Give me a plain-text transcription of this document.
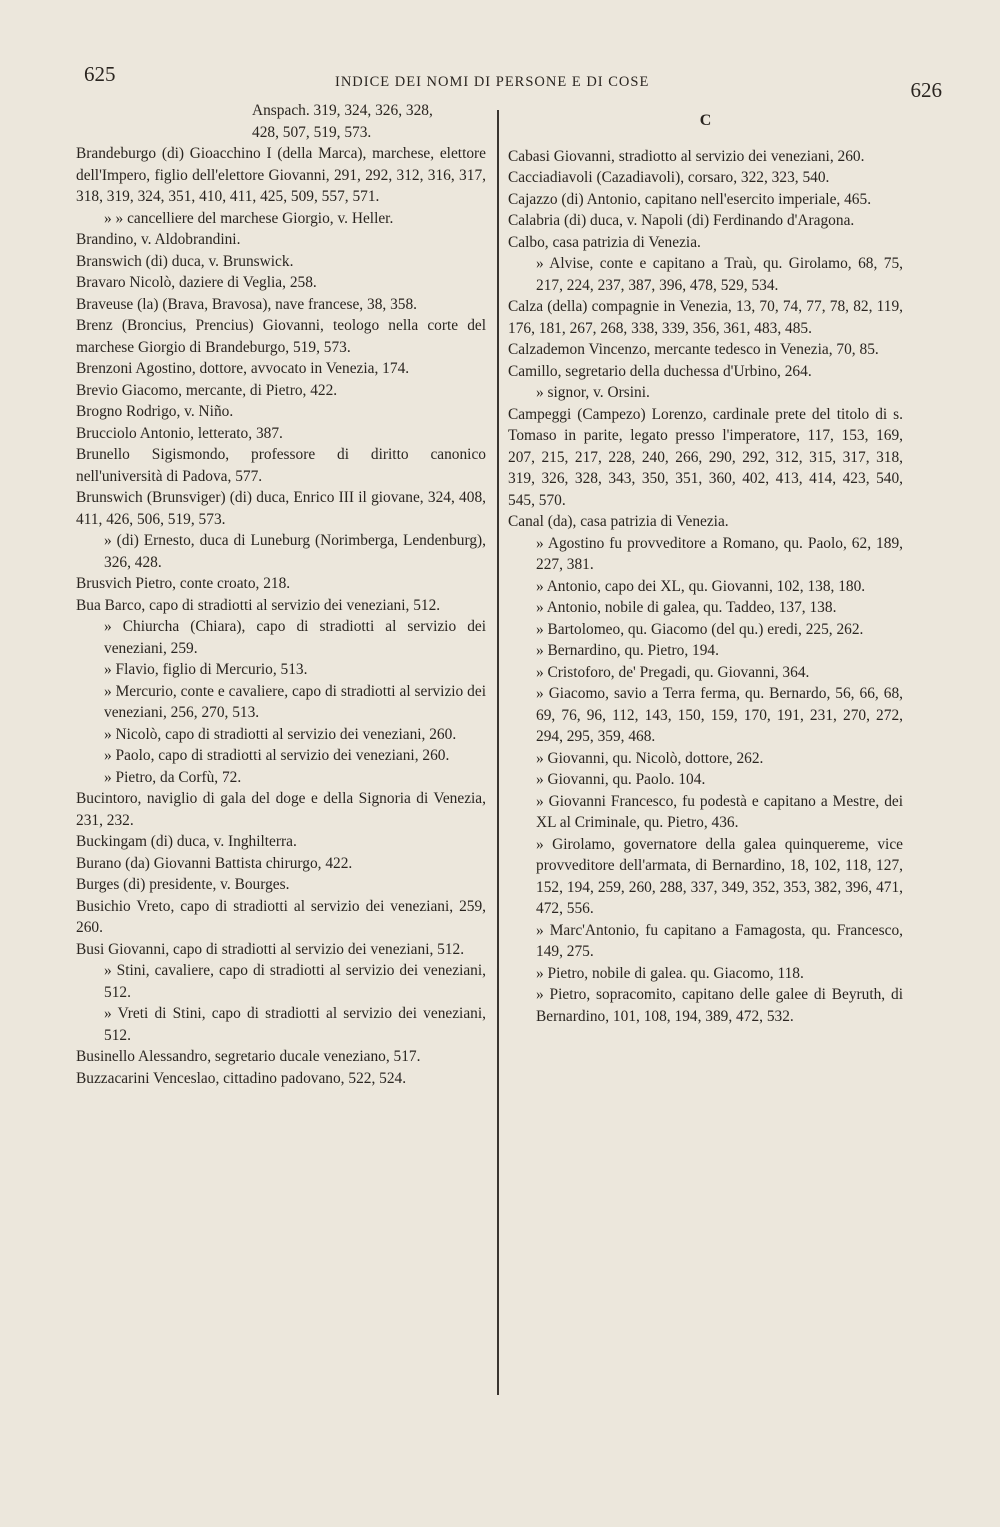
625	INDICE DEI NOMI DI PERSONE E DI COSE	626
Anspach. 319, 324, 326, 328,
428, 507, 519, 573.
Brandeburgo (di) Gioacchino I (della Marca), marchese, elettore dell'Impero, figlio dell'elettore Giovanni, 291, 292, 312, 316, 317, 318, 319, 324, 351, 410, 411, 425, 509, 557, 571.
» » cancelliere del marchese Giorgio, v. Heller.
Brandino, v. Aldobrandini.
Branswich (di) duca, v. Brunswick.
Bravaro Nicolò, daziere di Veglia, 258.
Braveuse (la) (Brava, Bravosa), nave francese, 38, 358.
Brenz (Broncius, Prencius) Giovanni, teologo nella corte del marchese Giorgio di Brandeburgo, 519, 573.
Brenzoni Agostino, dottore, avvocato in Venezia, 174.
Brevio Giacomo, mercante, di Pietro, 422.
Brogno Rodrigo, v. Niño.
Brucciolo Antonio, letterato, 387.
Brunello Sigismondo, professore di diritto canonico nell'università di Padova, 577.
Brunswich (Brunsviger) (di) duca, Enrico III il giovane, 324, 408, 411, 426, 506, 519, 573.
» (di) Ernesto, duca di Luneburg (Norimberga, Lendenburg), 326, 428.
Brusvich Pietro, conte croato, 218.
Bua Barco, capo di stradiotti al servizio dei veneziani, 512.
» Chiurcha (Chiara), capo di stradiotti al servizio dei veneziani, 259.
» Flavio, figlio di Mercurio, 513.
» Mercurio, conte e cavaliere, capo di stradiotti al servizio dei veneziani, 256, 270, 513.
» Nicolò, capo di stradiotti al servizio dei veneziani, 260.
» Paolo, capo di stradiotti al servizio dei veneziani, 260.
» Pietro, da Corfù, 72.
Bucintoro, naviglio di gala del doge e della Signoria di Venezia, 231, 232.
Buckingam (di) duca, v. Inghilterra.
Burano (da) Giovanni Battista chirurgo, 422.
Burges (di) presidente, v. Bourges.
Busichio Vreto, capo di stradiotti al servizio dei veneziani, 259, 260.
Busi Giovanni, capo di stradiotti al servizio dei veneziani, 512.
» Stini, cavaliere, capo di stradiotti al servizio dei veneziani, 512.
» Vreti di Stini, capo di stradiotti al servizio dei veneziani, 512.
Businello Alessandro, segretario ducale veneziano, 517.
Buzzacarini Venceslao, cittadino padovano, 522, 524.
C
Cabasi Giovanni, stradiotto al servizio dei veneziani, 260.
Cacciadiavoli (Cazadiavoli), corsaro, 322, 323, 540.
Cajazzo (di) Antonio, capitano nell'esercito imperiale, 465.
Calabria (di) duca, v. Napoli (di) Ferdinando d'Aragona.
Calbo, casa patrizia di Venezia.
» Alvise, conte e capitano a Traù, qu. Girolamo, 68, 75, 217, 224, 237, 387, 396, 478, 529, 534.
Calza (della) compagnie in Venezia, 13, 70, 74, 77, 78, 82, 119, 176, 181, 267, 268, 338, 339, 356, 361, 483, 485.
Calzademon Vincenzo, mercante tedesco in Venezia, 70, 85.
Camillo, segretario della duchessa d'Urbino, 264.
» signor, v. Orsini.
Campeggi (Campezo) Lorenzo, cardinale prete del titolo di s. Tomaso in parite, legato presso l'imperatore, 117, 153, 169, 207, 215, 217, 228, 240, 266, 290, 292, 312, 315, 317, 318, 319, 326, 328, 343, 350, 351, 360, 402, 413, 414, 423, 540, 545, 570.
Canal (da), casa patrizia di Venezia.
» Agostino fu provveditore a Romano, qu. Paolo, 62, 189, 227, 381.
» Antonio, capo dei XL, qu. Giovanni, 102, 138, 180.
» Antonio, nobile di galea, qu. Taddeo, 137, 138.
» Bartolomeo, qu. Giacomo (del qu.) eredi, 225, 262.
» Bernardino, qu. Pietro, 194.
» Cristoforo, de' Pregadi, qu. Giovanni, 364.
» Giacomo, savio a Terra ferma, qu. Bernardo, 56, 66, 68, 69, 76, 96, 112, 143, 150, 159, 170, 191, 231, 270, 272, 294, 295, 359, 468.
» Giovanni, qu. Nicolò, dottore, 262.
» Giovanni, qu. Paolo. 104.
» Giovanni Francesco, fu podestà e capitano a Mestre, dei XL al Criminale, qu. Pietro, 436.
» Girolamo, governatore della galea quinquereme, vice provveditore dell'armata, di Bernardino, 18, 102, 118, 127, 152, 194, 259, 260, 288, 337, 349, 352, 353, 382, 396, 471, 472, 556.
» Marc'Antonio, fu capitano a Famagosta, qu. Francesco, 149, 275.
» Pietro, nobile di galea. qu. Giacomo, 118.
» Pietro, sopracomito, capitano delle galee di Beyruth, di Bernardino, 101, 108, 194, 389, 472, 532.
